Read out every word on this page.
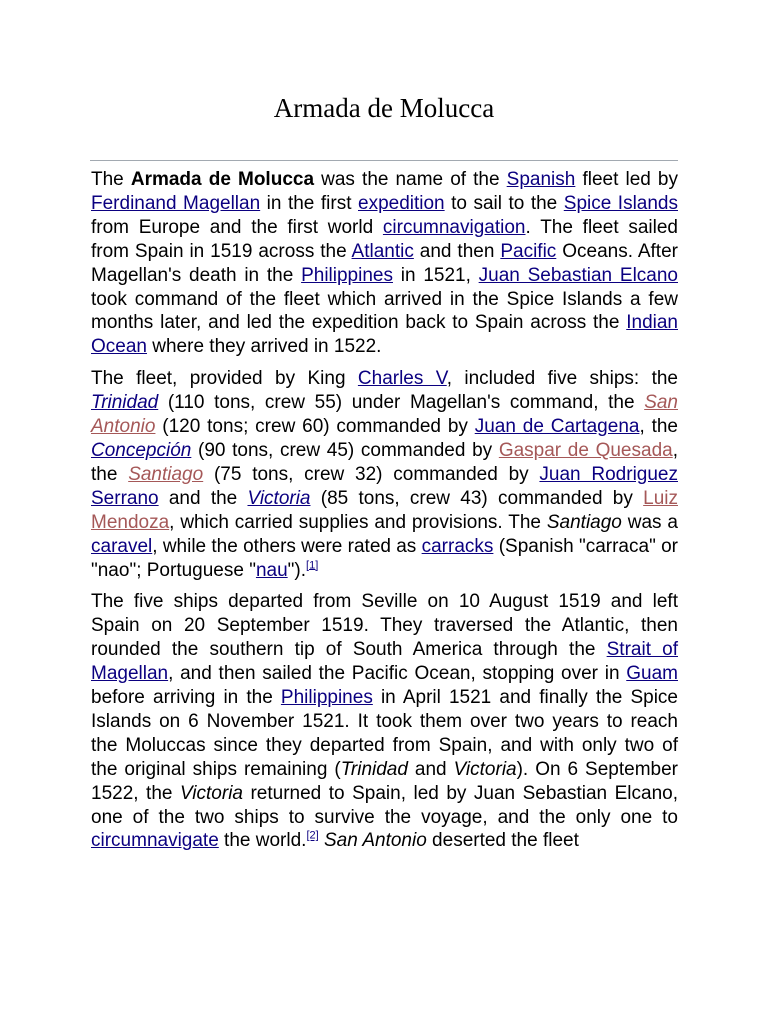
Armada de Molucca

The Armada de Molucca was the name of the Spanish fleet led by Ferdinand Magellan in the first expedition to sail to the Spice Islands from Europe and the first world circumnavigation. The fleet sailed from Spain in 1519 across the Atlantic and then Pacific Oceans. After Magellan's death in the Philippines in 1521, Juan Sebastian Elcano took command of the fleet which arrived in the Spice Islands a few months later, and led the expedition back to Spain across the Indian Ocean where they arrived in 1522.

The fleet, provided by King Charles V, included five ships: the Trinidad (110 tons, crew 55) under Magellan's command, the San Antonio (120 tons; crew 60) commanded by Juan de Cartagena, the Concepción (90 tons, crew 45) commanded by Gaspar de Quesada, the Santiago (75 tons, crew 32) commanded by Juan Rodriguez Serrano and the Victoria (85 tons, crew 43) commanded by Luiz Mendoza, which carried supplies and provisions. The Santiago was a caravel, while the others were rated as carracks (Spanish "carraca" or "nao"; Portuguese "nau").[1]

The five ships departed from Seville on 10 August 1519 and left Spain on 20 September 1519. They traversed the Atlantic, then rounded the southern tip of South America through the Strait of Magellan, and then sailed the Pacific Ocean, stopping over in Guam before arriving in the Philippines in April 1521 and finally the Spice Islands on 6 November 1521. It took them over two years to reach the Moluccas since they departed from Spain, and with only two of the original ships remaining (Trinidad and Victoria). On 6 September 1522, the Victoria returned to Spain, led by Juan Sebastian Elcano, one of the two ships to survive the voyage, and the only one to circumnavigate the world.[2] San Antonio deserted the fleet
